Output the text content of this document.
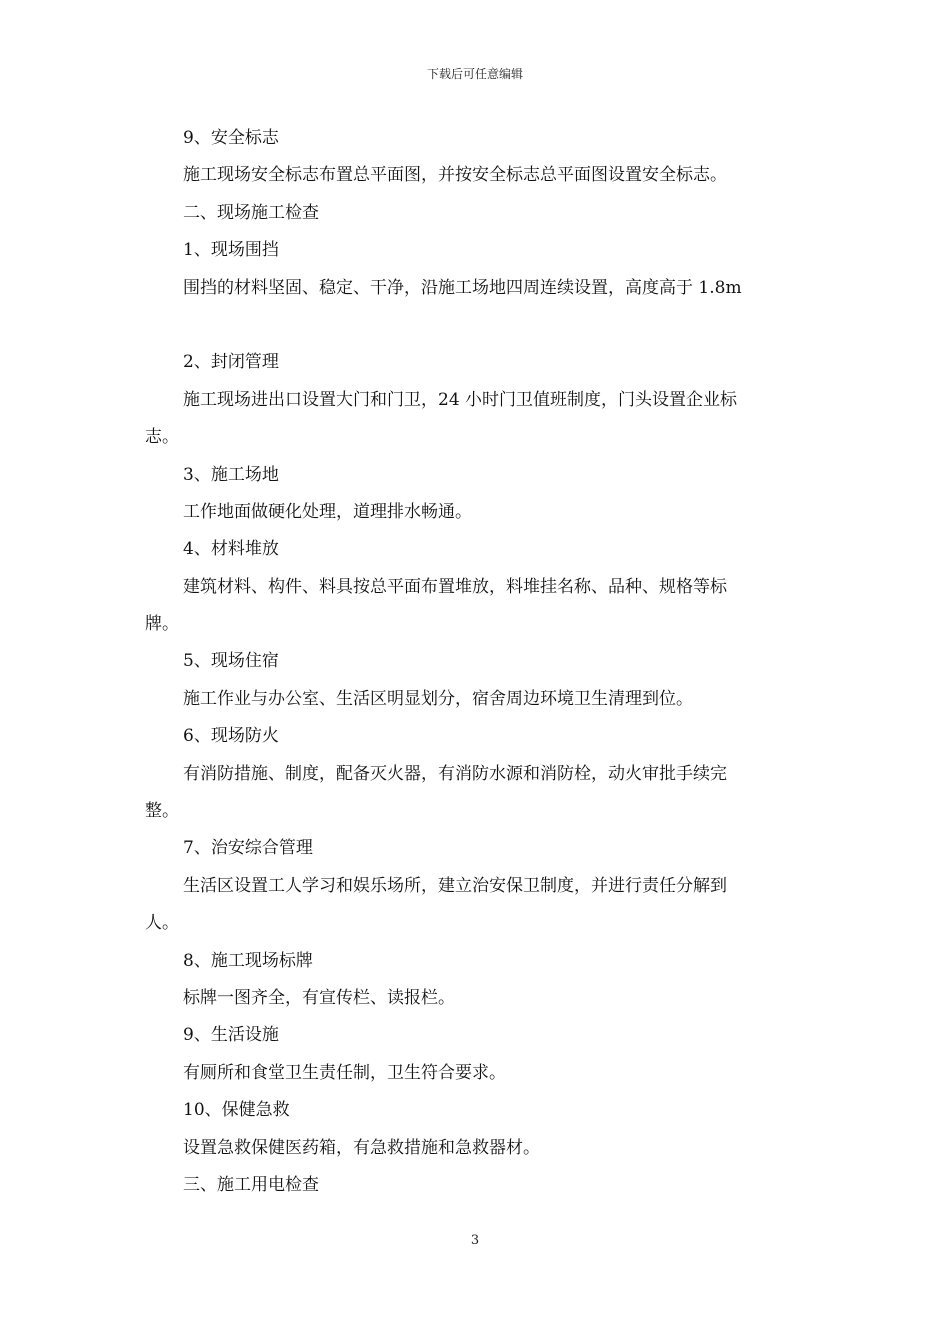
下载后可任意编辑
9、安全标志
施工现场安全标志布置总平面图，并按安全标志总平面图设置安全标志。
二、现场施工检查
1、现场围挡
围挡的材料坚固、稳定、干净，沿施工场地四周连续设置，高度高于 1.8m
2、封闭管理
施工现场进出口设置大门和门卫，24 小时门卫值班制度，门头设置企业标
志。
3、施工场地
工作地面做硬化处理，道理排水畅通。
4、材料堆放
建筑材料、构件、料具按总平面布置堆放，料堆挂名称、品种、规格等标
牌。
5、现场住宿
施工作业与办公室、生活区明显划分，宿舍周边环境卫生清理到位。
6、现场防火
有消防措施、制度，配备灭火器，有消防水源和消防栓，动火审批手续完
整。
7、治安综合管理
生活区设置工人学习和娱乐场所，建立治安保卫制度，并进行责任分解到
人。
8、施工现场标牌
标牌一图齐全，有宣传栏、读报栏。
9、生活设施
有厕所和食堂卫生责任制，卫生符合要求。
10、保健急救
设置急救保健医药箱，有急救措施和急救器材。
三、施工用电检查
3
